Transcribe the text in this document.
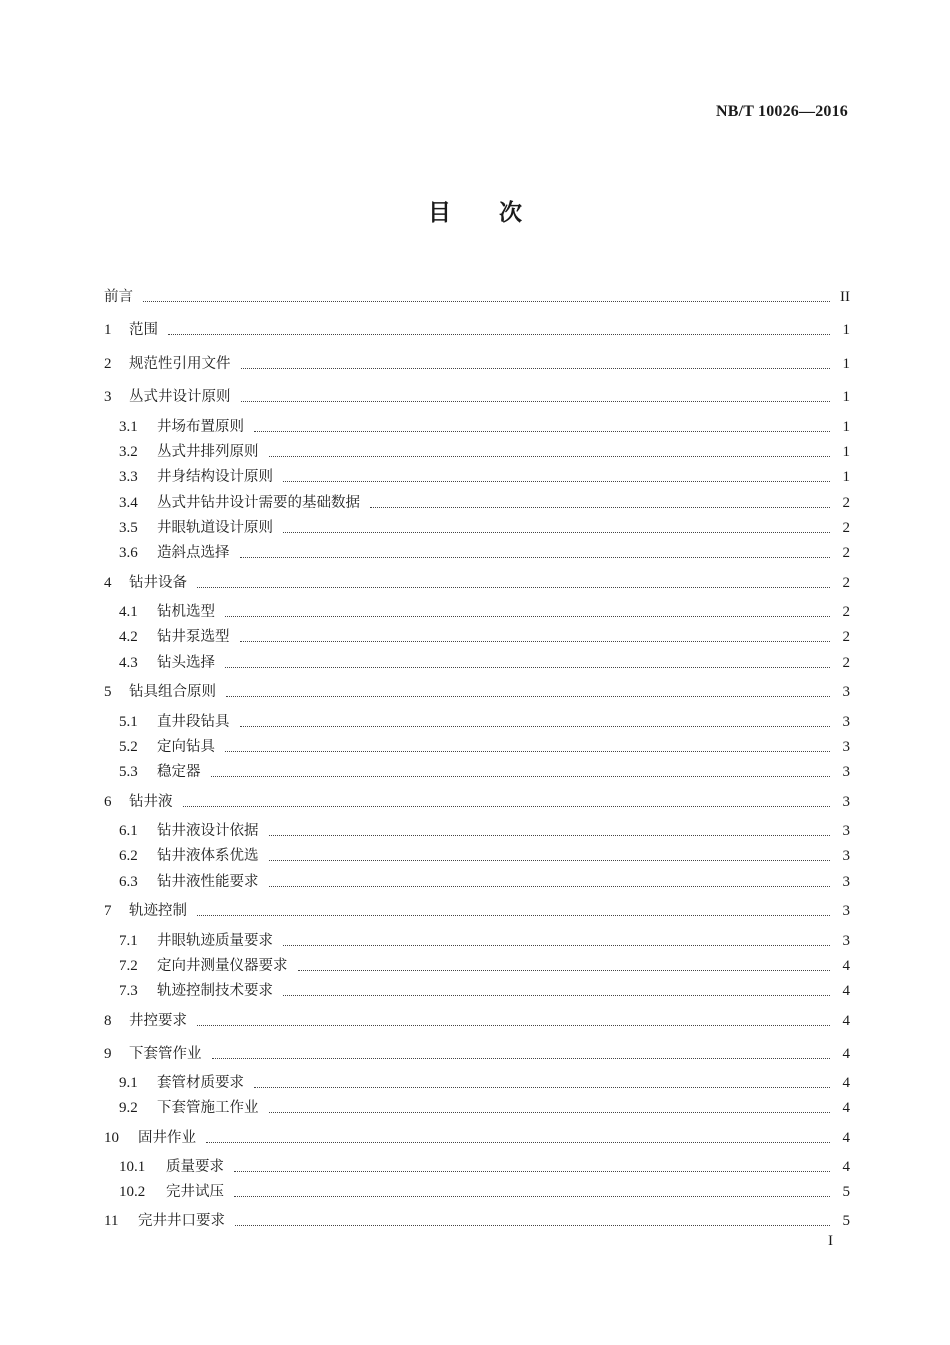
NB/T 10026—2016
目次
前言	II
1	范围	1
2	规范性引用文件	1
3	丛式井设计原则	1
3.1	井场布置原则	1
3.2	丛式井排列原则	1
3.3	井身结构设计原则	1
3.4	丛式井钻井设计需要的基础数据	2
3.5	井眼轨道设计原则	2
3.6	造斜点选择	2
4	钻井设备	2
4.1	钻机选型	2
4.2	钻井泵选型	2
4.3	钻头选择	2
5	钻具组合原则	3
5.1	直井段钻具	3
5.2	定向钻具	3
5.3	稳定器	3
6	钻井液	3
6.1	钻井液设计依据	3
6.2	钻井液体系优选	3
6.3	钻井液性能要求	3
7	轨迹控制	3
7.1	井眼轨迹质量要求	3
7.2	定向井测量仪器要求	4
7.3	轨迹控制技术要求	4
8	井控要求	4
9	下套管作业	4
9.1	套管材质要求	4
9.2	下套管施工作业	4
10	固井作业	4
10.1	质量要求	4
10.2	完井试压	5
11	完井井口要求	5
I
